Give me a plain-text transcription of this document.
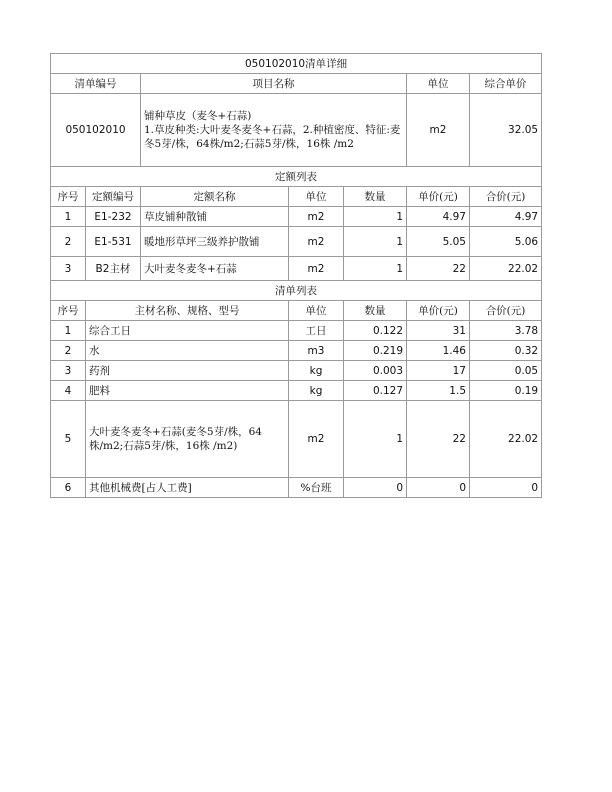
050102010清单详细						
清单编号		项目名称			单位	综合单价
050102010		铺种草皮（麦冬+石蒜)
1.草皮种类:大叶麦冬麦冬+石蒜，2.种植密度、特征:麦冬5芽/株，64株/m2;石蒜5芽/株，16株 /m2			m2	32.05
定额列表						
序号	定额编号	定额名称	单位	数量	单价(元)	合价(元)
1	E1-232	草皮铺种散铺	m2	1	4.97	4.97
2	E1-531	暖地形草坪三级养护散铺	m2	1	5.05	5.06
3	B2主材	大叶麦冬麦冬+石蒜	m2	1	22	22.02
清单列表						
序号	主材名称、规格、型号		单位	数量	单价(元)	合价(元)
1	综合工日		工日	0.122	31	3.78
2	水		m3	0.219	1.46	0.32
3	药剂		kg	0.003	17	0.05
4	肥料		kg	0.127	1.5	0.19
5	大叶麦冬麦冬+石蒜(麦冬5芽/株，64株/m2;石蒜5芽/株，16株 /m2)		m2	1	22	22.02
6	其他机械费[占人工费]		%台班	0	0	0
